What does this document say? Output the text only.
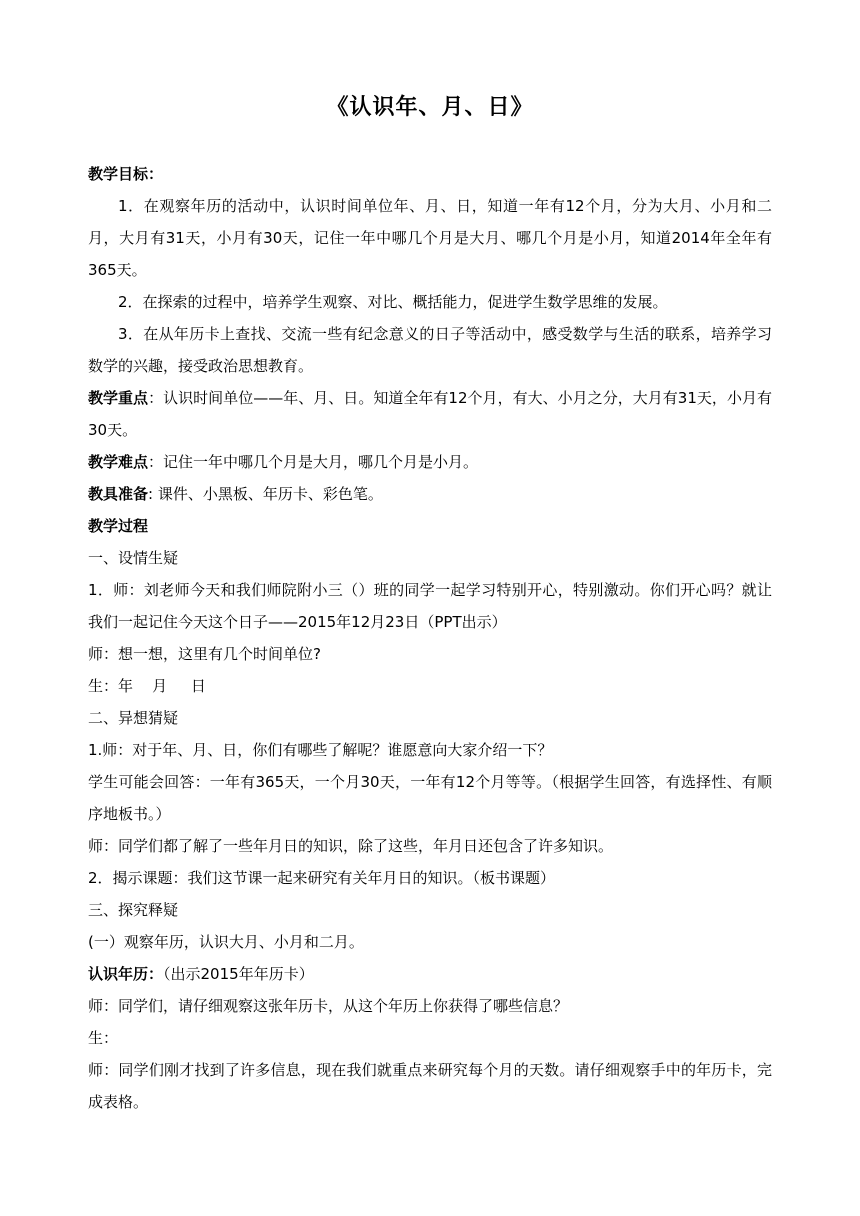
《认识年、月、日》

教学目标：

1．在观察年历的活动中，认识时间单位年、月、日，知道一年有12个月，分为大月、小月和二月，大月有31天，小月有30天，记住一年中哪几个月是大月、哪几个月是小月，知道2014年全年有365天。

2．在探索的过程中，培养学生观察、对比、概括能力，促进学生数学思维的发展。

3．在从年历卡上查找、交流一些有纪念意义的日子等活动中，感受数学与生活的联系，培养学习数学的兴趣，接受政治思想教育。

教学重点：认识时间单位——年、月、日。知道全年有12个月，有大、小月之分，大月有31天，小月有30天。

教学难点：记住一年中哪几个月是大月，哪几个月是小月。

教具准备: 课件、小黑板、年历卡、彩色笔。

教学过程

一、设情生疑

1．师：刘老师今天和我们师院附小三（）班的同学一起学习特别开心，特别激动。你们开心吗？就让我们一起记住今天这个日子——2015年12月23日（PPT出示）

师：想一想，这里有几个时间单位?

生：年    月     日

二、异想猜疑

1.师：对于年、月、日，你们有哪些了解呢？谁愿意向大家介绍一下？

学生可能会回答：一年有365天，一个月30天，一年有12个月等等。（根据学生回答，有选择性、有顺序地板书。）

师：同学们都了解了一些年月日的知识，除了这些，年月日还包含了许多知识。

2．揭示课题：我们这节课一起来研究有关年月日的知识。（板书课题）

三、探究释疑

(一）观察年历，认识大月、小月和二月。

认识年历：（出示2015年年历卡）

师：同学们，请仔细观察这张年历卡，从这个年历上你获得了哪些信息？

生：

师：同学们刚才找到了许多信息，现在我们就重点来研究每个月的天数。请仔细观察手中的年历卡，完成表格。
